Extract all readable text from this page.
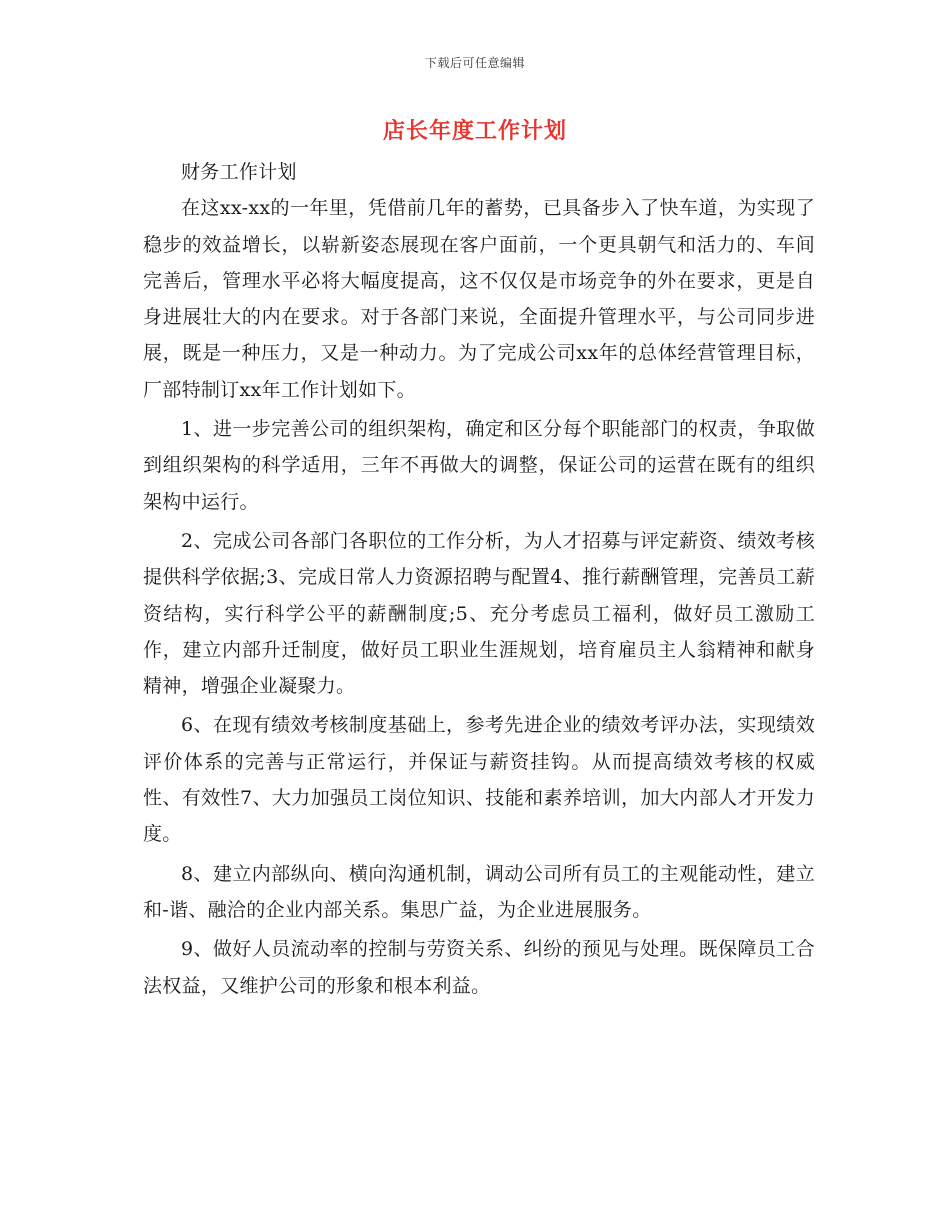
下载后可任意编辑
店长年度工作计划

财务工作计划

在这xx-xx的一年里，凭借前几年的蓄势，已具备步入了快车道，为实现了稳步的效益增长，以崭新姿态展现在客户面前，一个更具朝气和活力的、车间完善后，管理水平必将大幅度提高，这不仅仅是市场竞争的外在要求，更是自身进展壮大的内在要求。对于各部门来说，全面提升管理水平，与公司同步进展，既是一种压力，又是一种动力。为了完成公司xx年的总体经营管理目标，厂部特制订xx年工作计划如下。

1、进一步完善公司的组织架构，确定和区分每个职能部门的权责，争取做到组织架构的科学适用，三年不再做大的调整，保证公司的运营在既有的组织架构中运行。

2、完成公司各部门各职位的工作分析，为人才招募与评定薪资、绩效考核提供科学依据;3、完成日常人力资源招聘与配置4、推行薪酬管理，完善员工薪资结构，实行科学公平的薪酬制度;5、充分考虑员工福利，做好员工激励工作，建立内部升迁制度，做好员工职业生涯规划，培育雇员主人翁精神和献身精神，增强企业凝聚力。

6、在现有绩效考核制度基础上，参考先进企业的绩效考评办法，实现绩效评价体系的完善与正常运行，并保证与薪资挂钩。从而提高绩效考核的权威性、有效性7、大力加强员工岗位知识、技能和素养培训，加大内部人才开发力度。

8、建立内部纵向、横向沟通机制，调动公司所有员工的主观能动性，建立和-谐、融洽的企业内部关系。集思广益，为企业进展服务。

9、做好人员流动率的控制与劳资关系、纠纷的预见与处理。既保障员工合法权益，又维护公司的形象和根本利益。
